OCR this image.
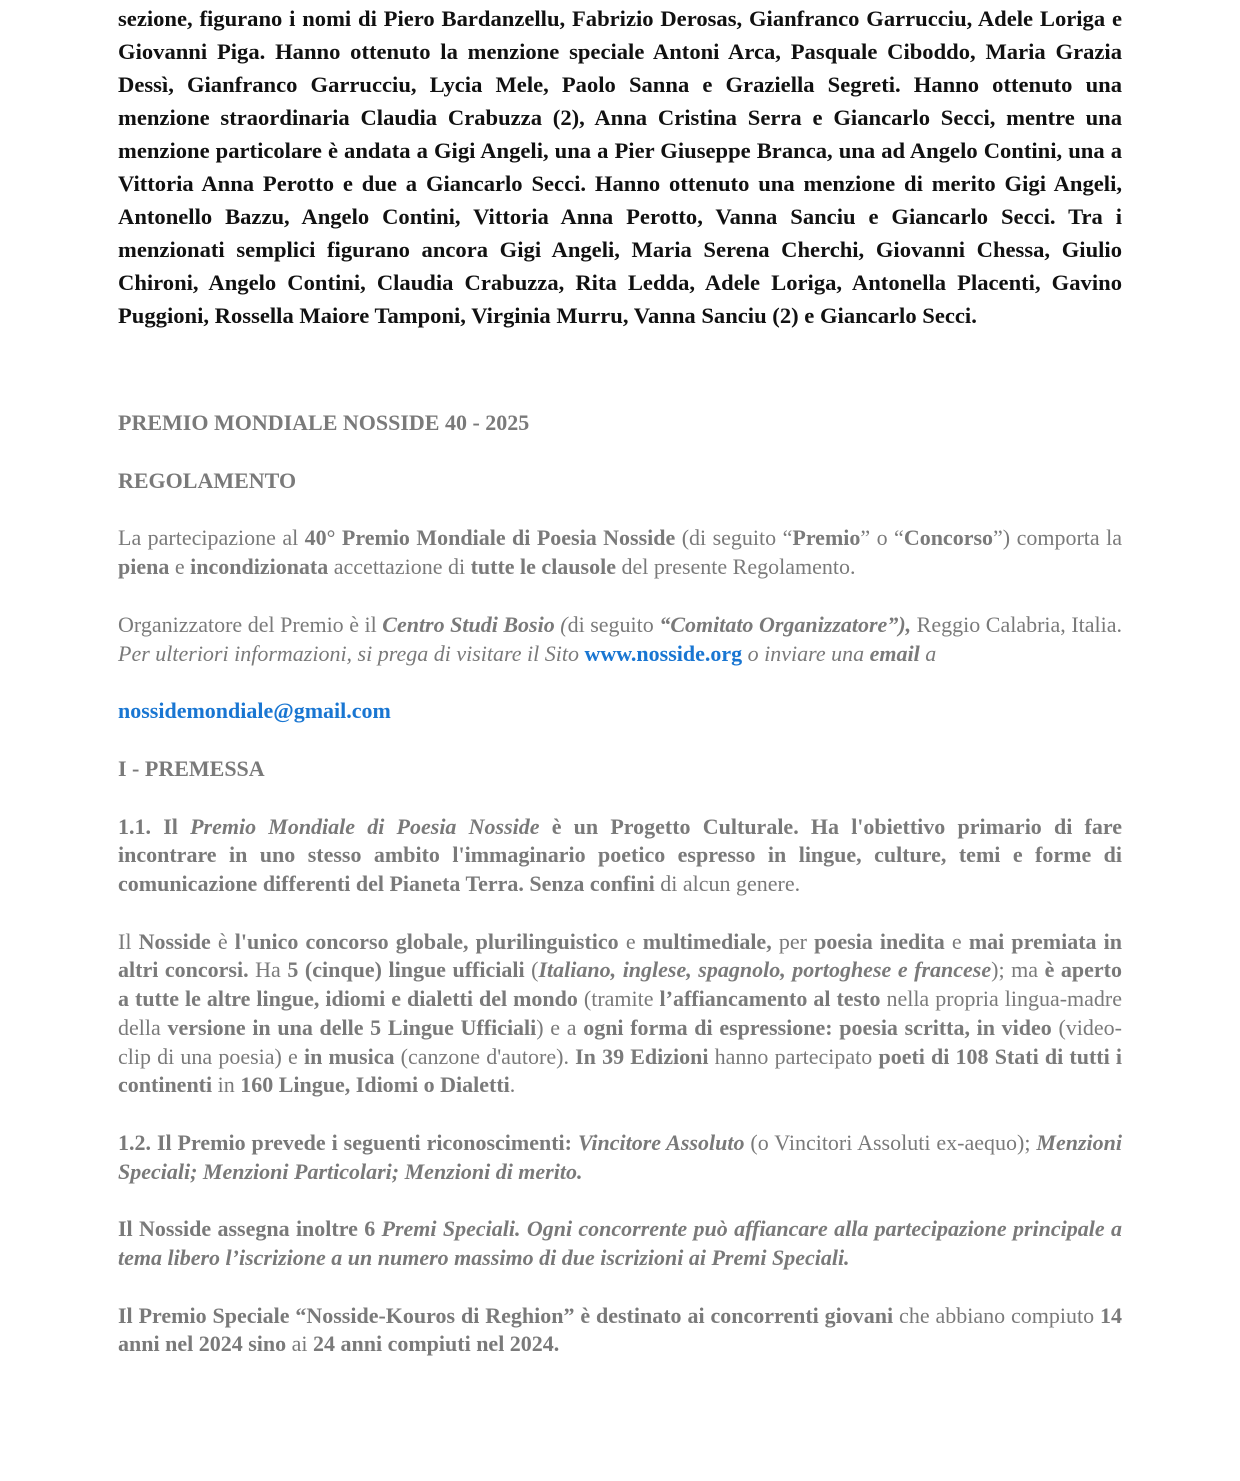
sezione, figurano i nomi di Piero Bardanzellu, Fabrizio Derosas, Gianfranco Garrucciu, Adele Loriga e Giovanni Piga. Hanno ottenuto la menzione speciale Antoni Arca, Pasquale Ciboddo, Maria Grazia Dessì, Gianfranco Garrucciu, Lycia Mele, Paolo Sanna e Graziella Segreti. Hanno ottenuto una menzione straordinaria Claudia Crabuzza (2), Anna Cristina Serra e Giancarlo Secci, mentre una menzione particolare è andata a Gigi Angeli, una a Pier Giuseppe Branca, una ad Angelo Contini, una a Vittoria Anna Perotto e due a Giancarlo Secci. Hanno ottenuto una menzione di merito Gigi Angeli, Antonello Bazzu, Angelo Contini, Vittoria Anna Perotto, Vanna Sanciu e Giancarlo Secci. Tra i menzionati semplici figurano ancora Gigi Angeli, Maria Serena Cherchi, Giovanni Chessa, Giulio Chironi, Angelo Contini, Claudia Crabuzza, Rita Ledda, Adele Loriga, Antonella Placenti, Gavino Puggioni, Rossella Maiore Tamponi, Virginia Murru, Vanna Sanciu (2) e Giancarlo Secci.

PREMIO MONDIALE NOSSIDE 40 - 2025

REGOLAMENTO

La partecipazione al 40° Premio Mondiale di Poesia Nosside (di seguito “Premio” o “Concorso”) comporta la piena e incondizionata accettazione di tutte le clausole del presente Regolamento.

Organizzatore del Premio è il Centro Studi Bosio (di seguito “Comitato Organizzatore”), Reggio Calabria, Italia. Per ulteriori informazioni, si prega di visitare il Sito www.nosside.org o inviare una email a

nossidemondiale@gmail.com

I - PREMESSA

1.1. Il Premio Mondiale di Poesia Nosside è un Progetto Culturale. Ha l'obiettivo primario di fare incontrare in uno stesso ambito l'immaginario poetico espresso in lingue, culture, temi e forme di comunicazione differenti del Pianeta Terra. Senza confini di alcun genere.

Il Nosside è l'unico concorso globale, plurilinguistico e multimediale, per poesia inedita e mai premiata in altri concorsi. Ha 5 (cinque) lingue ufficiali (Italiano, inglese, spagnolo, portoghese e francese); ma è aperto a tutte le altre lingue, idiomi e dialetti del mondo (tramite l’affiancamento al testo nella propria lingua-madre della versione in una delle 5 Lingue Ufficiali) e a ogni forma di espressione: poesia scritta, in video (video-clip di una poesia) e in musica (canzone d'autore). In 39 Edizioni hanno partecipato poeti di 108 Stati di tutti i continenti in 160 Lingue, Idiomi o Dialetti.

1.2. Il Premio prevede i seguenti riconoscimenti: Vincitore Assoluto (o Vincitori Assoluti ex-aequo); Menzioni Speciali; Menzioni Particolari; Menzioni di merito.

Il Nosside assegna inoltre 6 Premi Speciali. Ogni concorrente può affiancare alla partecipazione principale a tema libero l’iscrizione a un numero massimo di due iscrizioni ai Premi Speciali.

Il Premio Speciale “Nosside-Kouros di Reghion” è destinato ai concorrenti giovani che abbiano compiuto 14 anni nel 2024 sino ai 24 anni compiuti nel 2024.
